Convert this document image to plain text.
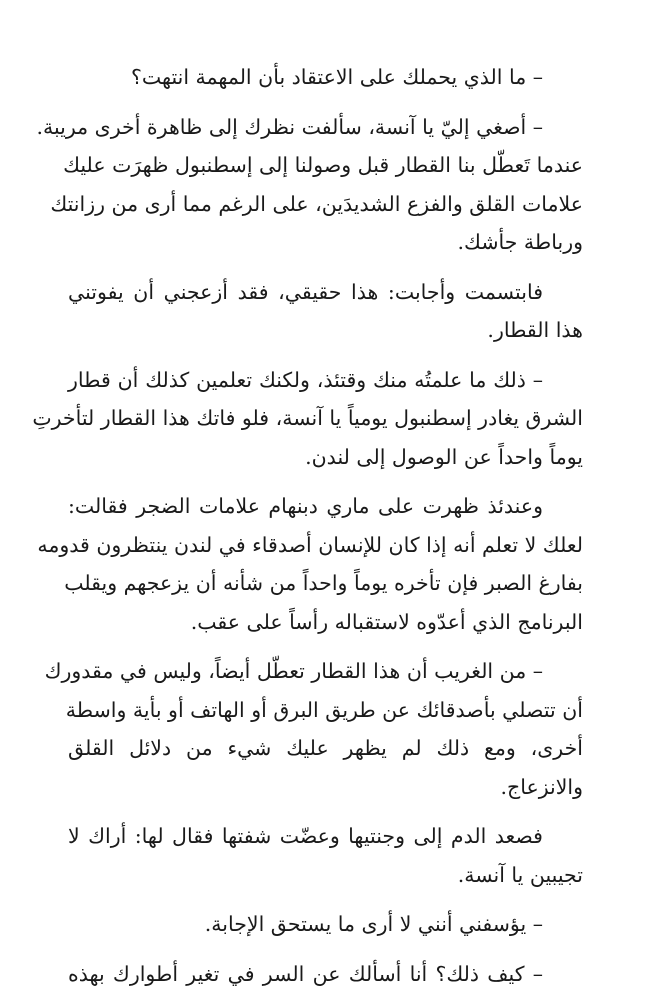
– ما الذي يحملك على الاعتقاد بأن المهمة انتهت؟

– أصغي إليّ يا آنسة، سألفت نظرك إلى ظاهرة أخرى مريبة.
عندما تَعطّل بنا القطار قبل وصولنا إلى إسطنبول ظهرَت عليك
علامات القلق والفزع الشديدَين، على الرغم مما أرى من رزانتك
ورباطة جأشك.

فابتسمت وأجابت: هذا حقيقي، فقد أزعجني أن يفوتني
هذا القطار.

– ذلك ما علمتُه منك وقتئذ، ولكنك تعلمين كذلك أن قطار
الشرق يغادر إسطنبول يومياً يا آنسة، فلو فاتك هذا القطار لتأخرتِ
يوماً واحداً عن الوصول إلى لندن.

وعندئذ ظهرت على ماري دبنهام علامات الضجر فقالت:
لعلك لا تعلم أنه إذا كان للإنسان أصدقاء في لندن ينتظرون قدومه
بفارغ الصبر فإن تأخره يوماً واحداً من شأنه أن يزعجهم ويقلب
البرنامج الذي أعدّوه لاستقباله رأساً على عقب.

– من الغريب أن هذا القطار تعطّل أيضاً، وليس في مقدورك
أن تتصلي بأصدقائك عن طريق البرق أو الهاتف أو بأية واسطة
أخرى، ومع ذلك لم يظهر عليك شيء من دلائل القلق
والانزعاج.

فصعد الدم إلى وجنتيها وعضّت شفتها فقال لها: أراك لا
تجيبين يا آنسة.

– يؤسفني أنني لا أرى ما يستحق الإجابة.

– كيف ذلك؟ أنا أسألك عن السر في تغير أطوارك بهذه
